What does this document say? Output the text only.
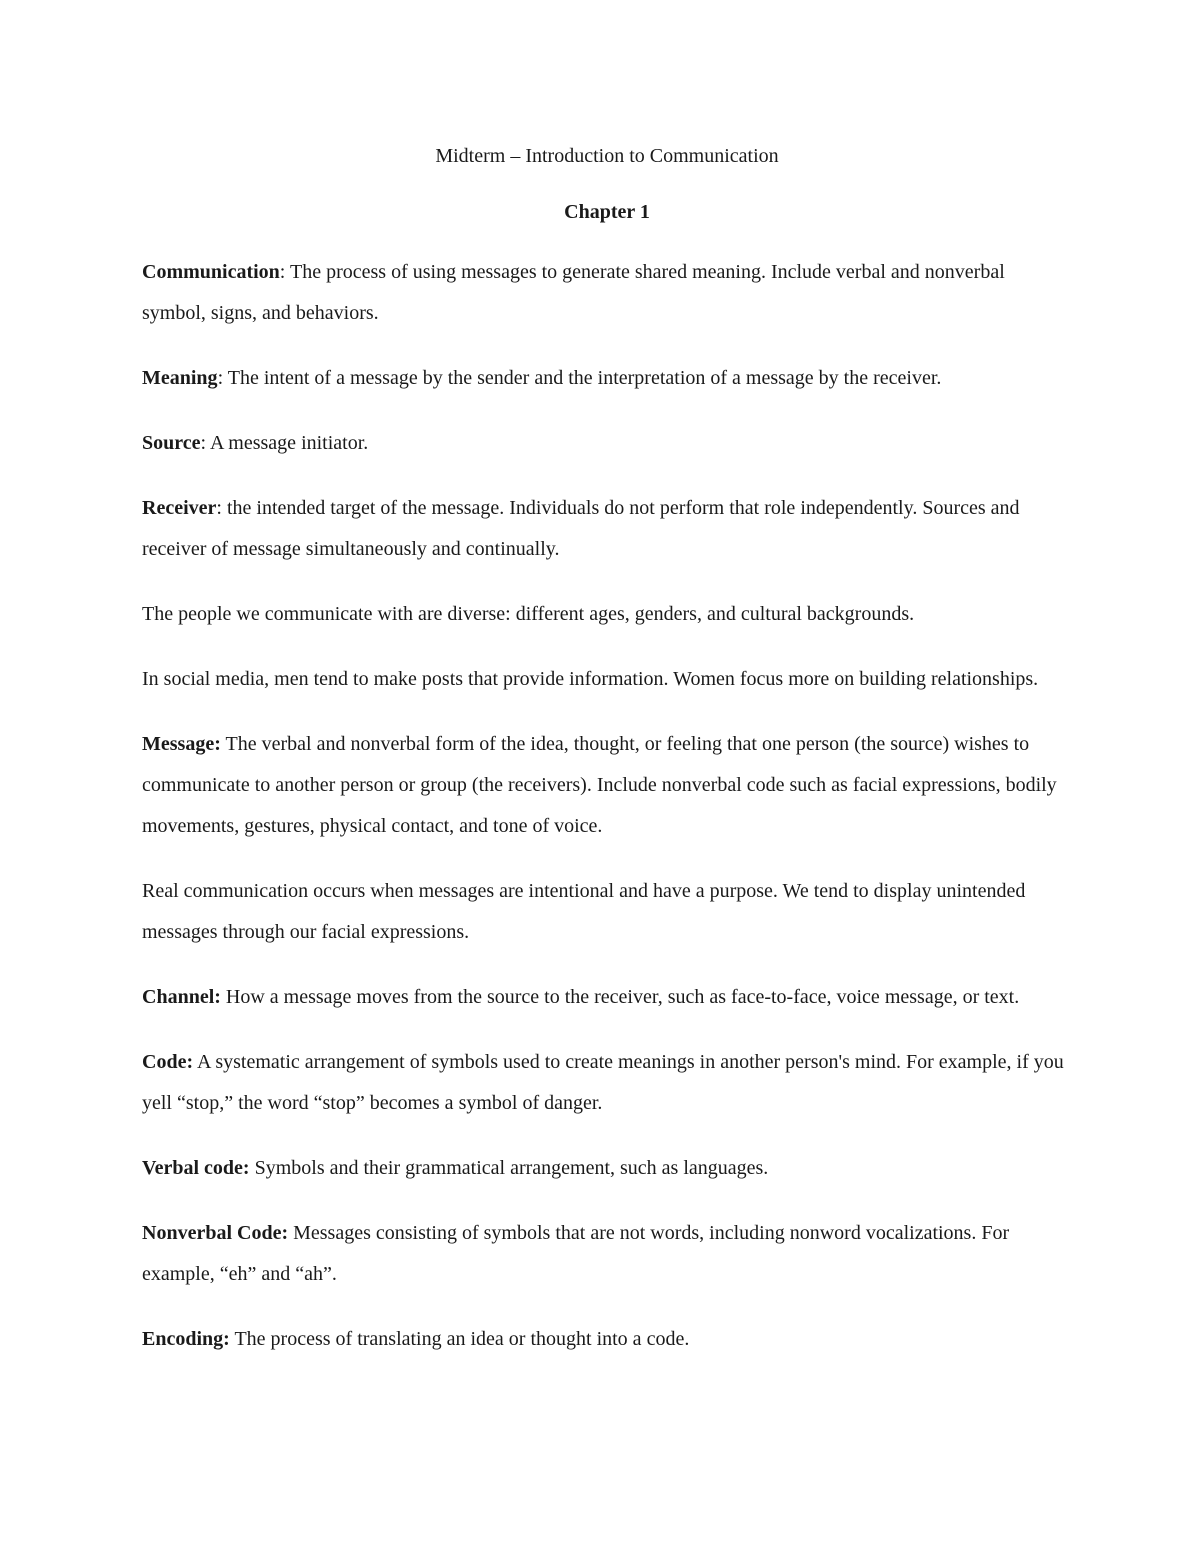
Midterm – Introduction to Communication

Chapter 1

Communication: The process of using messages to generate shared meaning. Include verbal and nonverbal symbol, signs, and behaviors.

Meaning: The intent of a message by the sender and the interpretation of a message by the receiver.

Source: A message initiator.

Receiver: the intended target of the message. Individuals do not perform that role independently. Sources and receiver of message simultaneously and continually.

The people we communicate with are diverse: different ages, genders, and cultural backgrounds.

In social media, men tend to make posts that provide information. Women focus more on building relationships.

Message: The verbal and nonverbal form of the idea, thought, or feeling that one person (the source) wishes to communicate to another person or group (the receivers). Include nonverbal code such as facial expressions, bodily movements, gestures, physical contact, and tone of voice.

Real communication occurs when messages are intentional and have a purpose. We tend to display unintended messages through our facial expressions.

Channel: How a message moves from the source to the receiver, such as face-to-face, voice message, or text.

Code: A systematic arrangement of symbols used to create meanings in another person's mind. For example, if you yell “stop,” the word “stop” becomes a symbol of danger.

Verbal code: Symbols and their grammatical arrangement, such as languages.

Nonverbal Code: Messages consisting of symbols that are not words, including nonword vocalizations. For example, “eh” and “ah”.

Encoding: The process of translating an idea or thought into a code.
